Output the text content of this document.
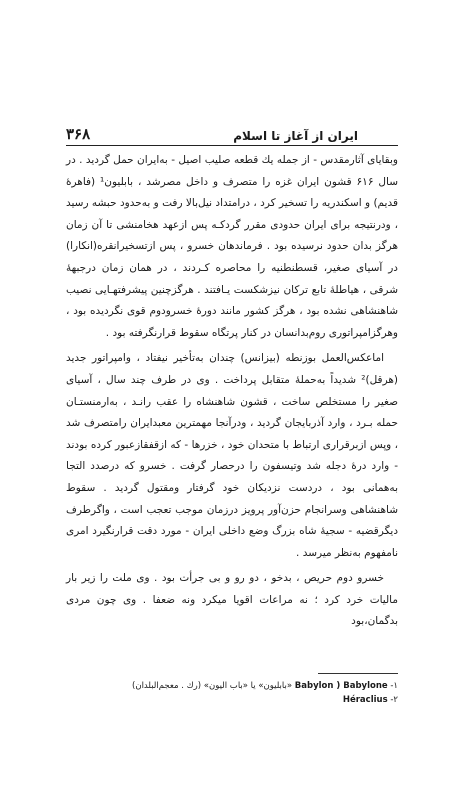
۳۶۸	ایران از آغاز تا اسلام

وبقایای آثارمقدس - از جمله یك قطعه صلیب اصیل - به‌ایران حمل گردید . در سال ۶۱۶ قشون ایران غزه را متصرف و داخل مصرشد ، بابلیون¹ (فاهرهٔ قدیم) و اسکندریه را تسخیر کرد ، درامتداد نیل‌بالا رفت و به‌حدود حبشه رسید ، ودرنتیجه برای ایران حدودی مقرر گردکـه پس ازعهد هخامنشی تا آن زمان هرگز بدان حدود نرسیده بود . فرماندهان خسرو ، پس ازتسخیرانقره(انکارا) در آسیای صغیر، قسطنطنیه را محاصره کـردند ، در همان زمان درجبههٔ شرقی ، هیاطلهٔ تابع ترکان نیزشکست یـافتند . هرگزچنین پیشرفتهـایی نصیب شاهنشاهی نشده بود ، هرگز کشور مانند دورهٔ خسرودوم قوی نگردیده بود ، وهرگزامپراتوری روم‌بدانسان در کنار پرتگاه سقوط قرارنگرفته بود .

اماعکس‌العمل بوزنطه (بیزانس) چندان به‌تأخیر نیفتاد ، وامپراتور جدید (هرقل)² شدیداً به‌حملهٔ متقابل پرداخت . وی در طرف چند سال ، آسیای صغیر را مستخلص ساخت ، قشون شاهنشاه را عقب رانـد ، به‌ارمنستـان حمله بـرد ، وارد آذربایجان گردید ، ودرآنجا مهمترین معبدایران رامتصرف شد ، وپس ازبرقراری ارتباط با متحدان خود ، خزرها - که ازقفقازعبور کرده بودند - وارد درهٔ دجله شد وتیسفون را درحصار گرفت . خسرو که درصدد التجا به‌همانی بود ، دردست نزدیکان خود گرفتار ومقتول گردید . سقوط شاهنشاهی وسرانجام حزن‌آور پرویز درزمان موجب تعجب است ، واگرطرف دیگرقضیه - سجیهٔ شاه بزرگ وضع داخلی ایران - مورد دقت قرارنگیرد امری نامفهوم به‌نظر میرسد .

خسرو دوم حریص ، بدخو ، دو رو و بی جرأت بود . وی ملت را زیر بار مالیات خرد کرد ؛ نه مراعات اقویا میکرد ونه ضعفا . وی چون مردی بدگمان،بود

۱- Babylon ) Babylone «بابلیون» یا «باب الیون» (رك . معجم‌البلدان)
۲- Héraclius
